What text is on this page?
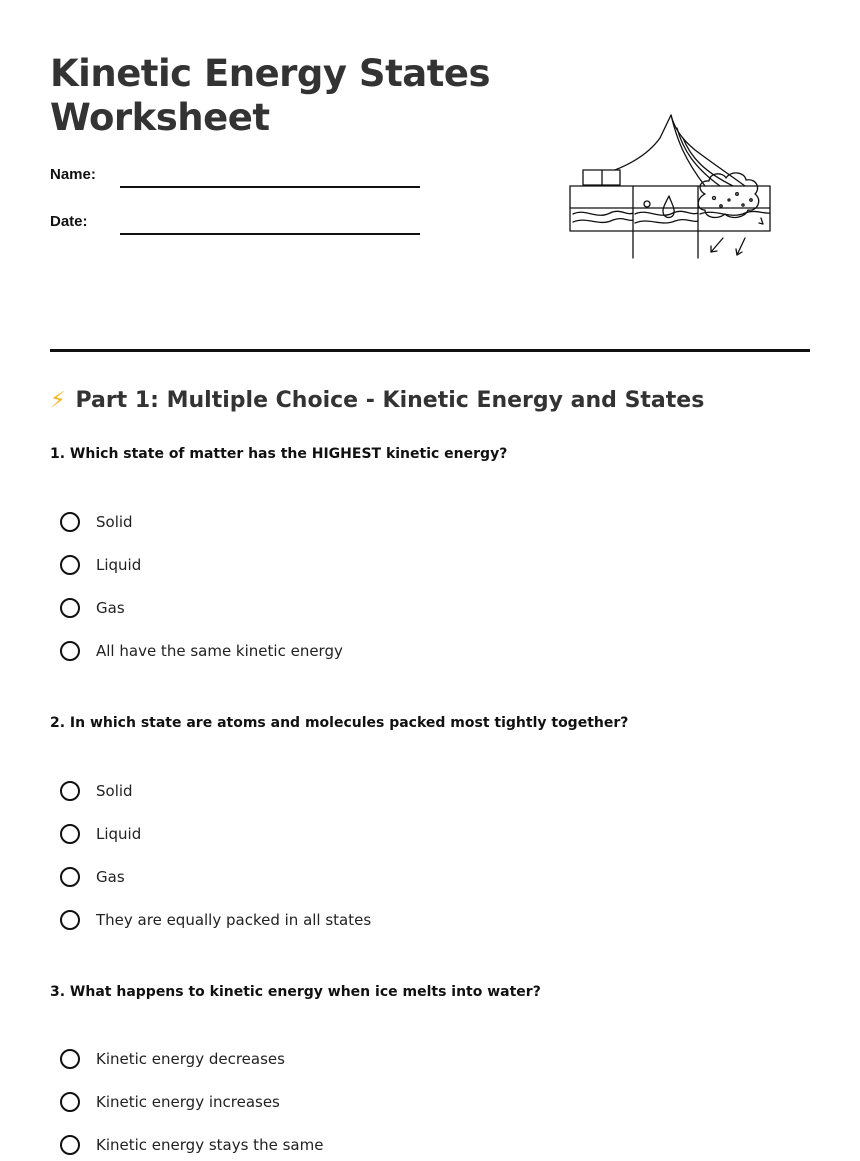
Kinetic Energy States Worksheet
Name:
Date:
⚡ Part 1: Multiple Choice - Kinetic Energy and States

1. Which state of matter has the HIGHEST kinetic energy?

Solid
Liquid
Gas
All have the same kinetic energy

2. In which state are atoms and molecules packed most tightly together?

Solid
Liquid
Gas
They are equally packed in all states

3. What happens to kinetic energy when ice melts into water?

Kinetic energy decreases
Kinetic energy increases
Kinetic energy stays the same
